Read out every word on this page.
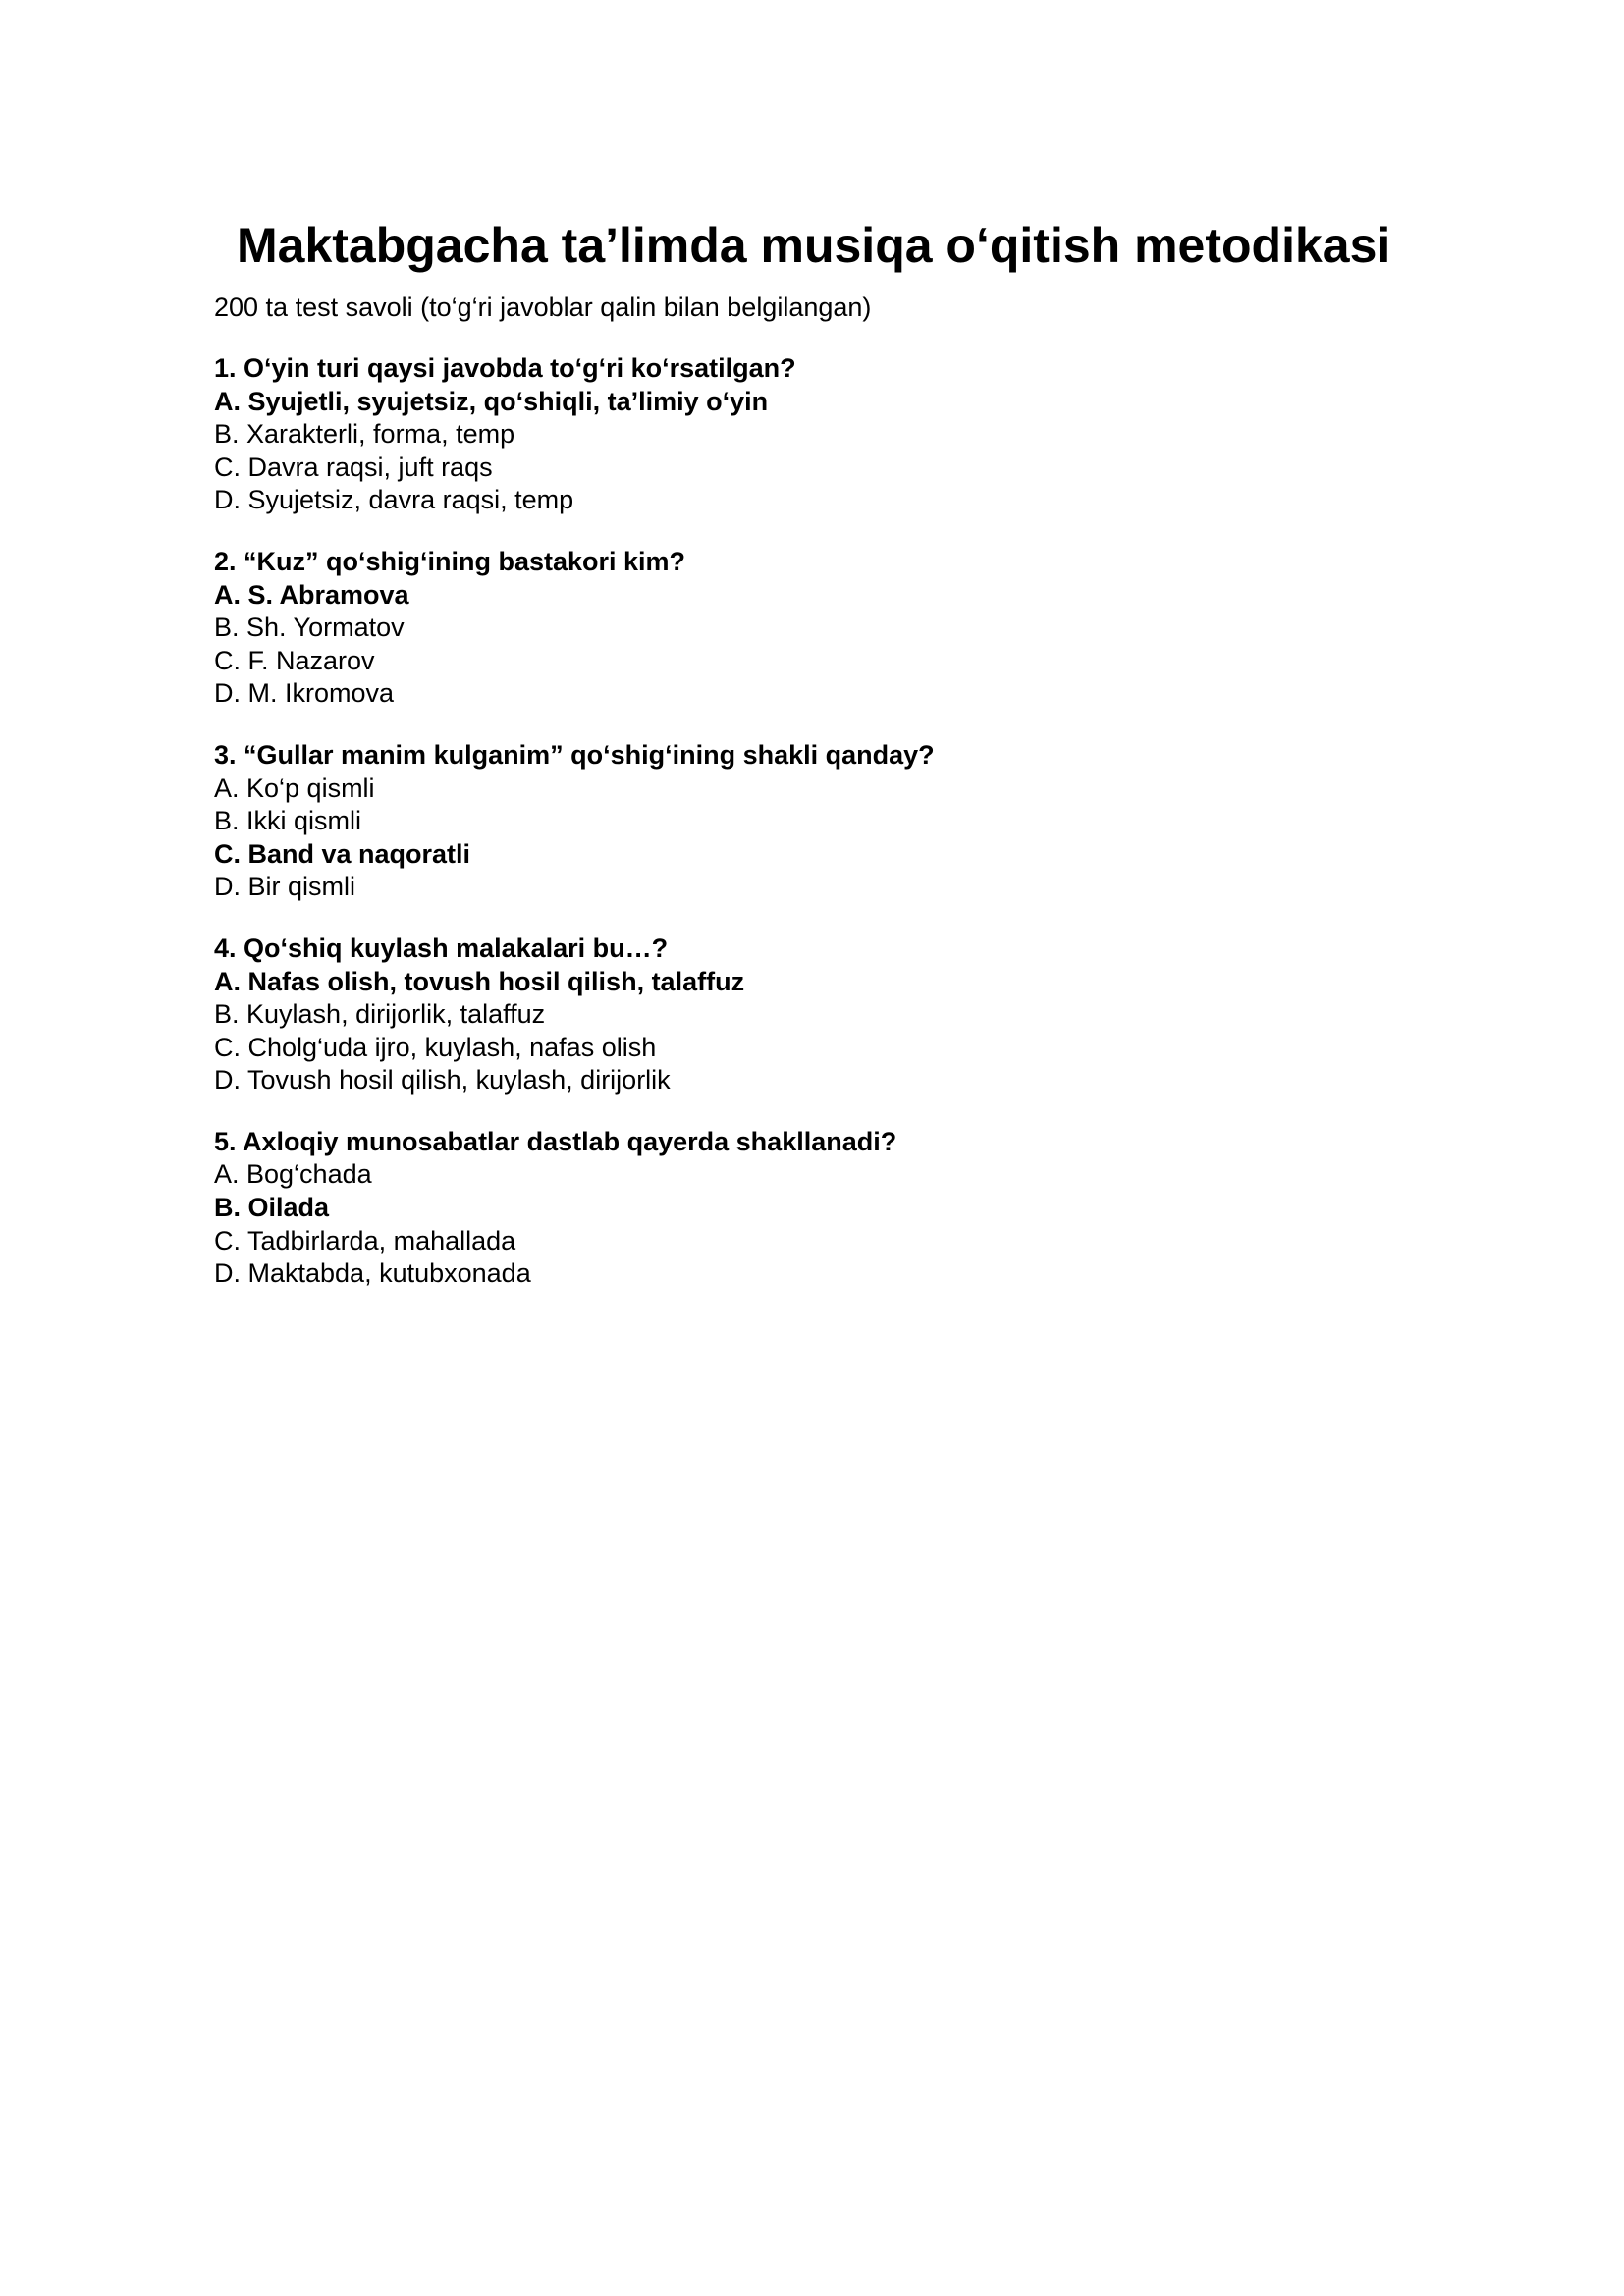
Maktabgacha ta’limda musiqa o‘qitish metodikasi
200 ta test savoli (to‘g‘ri javoblar qalin bilan belgilangan)
1. O‘yin turi qaysi javobda to‘g‘ri ko‘rsatilgan?
A. Syujetli, syujetsiz, qo‘shiqli, ta’limiy o‘yin
B. Xarakterli, forma, temp
C. Davra raqsi, juft raqs
D. Syujetsiz, davra raqsi, temp
2. “Kuz” qo‘shig‘ining bastakori kim?
A. S. Abramova
B. Sh. Yormatov
C. F. Nazarov
D. M. Ikromova
3. “Gullar manim kulganim” qo‘shig‘ining shakli qanday?
A. Ko‘p qismli
B. Ikki qismli
C. Band va naqoratli
D. Bir qismli
4. Qo‘shiq kuylash malakalari bu…?
A. Nafas olish, tovush hosil qilish, talaffuz
B. Kuylash, dirijorlik, talaffuz
C. Cholg‘uda ijro, kuylash, nafas olish
D. Tovush hosil qilish, kuylash, dirijorlik
5. Axloqiy munosabatlar dastlab qayerda shakllanadi?
A. Bog‘chada
B. Oilada
C. Tadbirlarda, mahallada
D. Maktabda, kutubxonada
